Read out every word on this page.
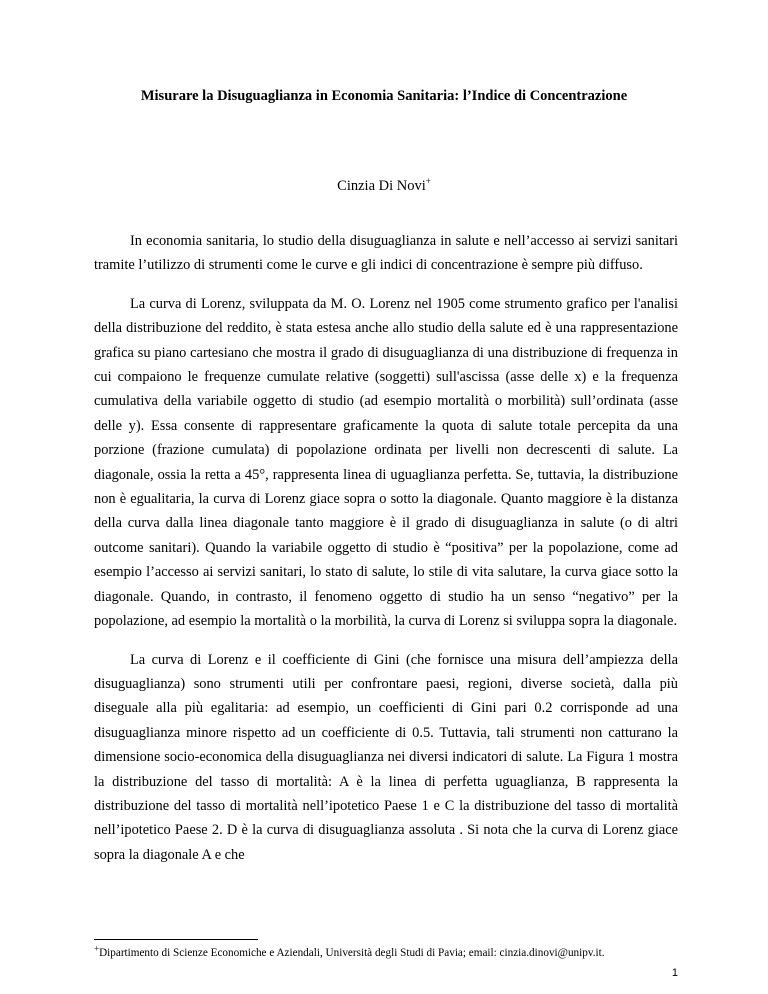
Misurare la Disuguaglianza in Economia Sanitaria: l’Indice di Concentrazione
Cinzia Di Novi+

In economia sanitaria, lo studio della disuguaglianza in salute e nell’accesso ai servizi sanitari tramite l’utilizzo di strumenti come le curve e gli indici di concentrazione è sempre più diffuso.

La curva di Lorenz, sviluppata da M. O. Lorenz nel 1905 come strumento grafico per l'analisi della distribuzione del reddito, è stata estesa anche allo studio della salute ed è una rappresentazione grafica su piano cartesiano che mostra il grado di disuguaglianza di una distribuzione di frequenza in cui compaiono le frequenze cumulate relative (soggetti) sull'ascissa (asse delle x) e la frequenza cumulativa della variabile oggetto di studio (ad esempio mortalità o morbilità) sull’ordinata (asse delle y). Essa consente di rappresentare graficamente la quota di salute totale percepita da una porzione (frazione cumulata) di popolazione ordinata per livelli non decrescenti di salute. La diagonale, ossia la retta a 45°, rappresenta linea di uguaglianza perfetta. Se, tuttavia, la distribuzione non è egualitaria, la curva di Lorenz giace sopra o sotto la diagonale. Quanto maggiore è la distanza della curva dalla linea diagonale tanto maggiore è il grado di disuguaglianza in salute (o di altri outcome sanitari). Quando la variabile oggetto di studio è “positiva” per la popolazione, come ad esempio l’accesso ai servizi sanitari, lo stato di salute, lo stile di vita salutare, la curva giace sotto la diagonale. Quando, in contrasto, il fenomeno oggetto di studio ha un senso “negativo” per la popolazione, ad esempio la mortalità o la morbilità, la curva di Lorenz si sviluppa sopra la diagonale.

La curva di Lorenz e il coefficiente di Gini (che fornisce una misura dell’ampiezza della disuguaglianza) sono strumenti utili per confrontare paesi, regioni, diverse società, dalla più diseguale alla più egalitaria: ad esempio, un coefficienti di Gini pari 0.2 corrisponde ad una disuguaglianza minore rispetto ad un coefficiente di 0.5. Tuttavia, tali strumenti non catturano la dimensione socio-economica della disuguaglianza nei diversi indicatori di salute. La Figura 1 mostra la distribuzione del tasso di mortalità: A è la linea di perfetta uguaglianza, B rappresenta la distribuzione del tasso di mortalità nell’ipotetico Paese 1 e C la distribuzione del tasso di mortalità nell’ipotetico Paese 2. D è la curva di disuguaglianza assoluta . Si nota che la curva di Lorenz giace sopra la diagonale A e che

+Dipartimento di Scienze Economiche e Aziendali, Università degli Studi di Pavia; email: cinzia.dinovi@unipv.it.
1
